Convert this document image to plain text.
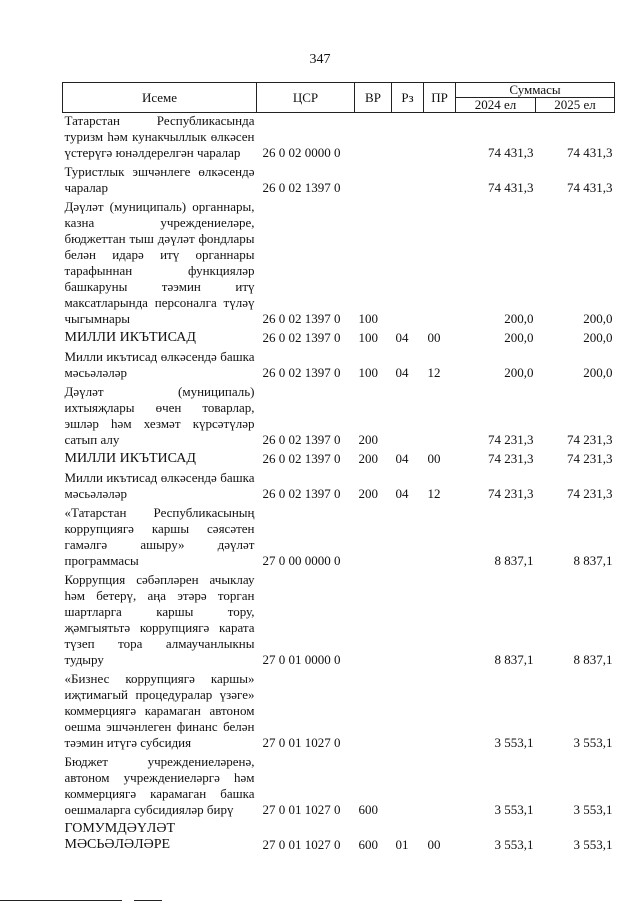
347
Исеме	ЦСР	ВР	Рз	ПР	Суммасы	
					2024 ел	2025 ел
Татарстан Республикасында туризм һәм кунакчыллык өлкәсен үстерүгә юнәлдерелгән чаралар	26 0 02 0000 0				74 431,3	74 431,3
Туристлык эшчәнлеге өлкәсендә чаралар	26 0 02 1397 0				74 431,3	74 431,3
Дәүләт (муниципаль) органнары, казна учреждениеләре, бюджеттан тыш дәүләт фондлары белән идарә итү органнары тарафыннан функцияләр башкаруны тәэмин итү максатларында персоналга түләү чыгымнары	26 0 02 1397 0	100			200,0	200,0
МИЛЛИ ИКЪТИСАД	26 0 02 1397 0	100	04	00	200,0	200,0
Милли икътисад өлкәсендә башка мәсьәләләр	26 0 02 1397 0	100	04	12	200,0	200,0
Дәүләт (муниципаль) ихтыяҗлары өчен товарлар, эшләр һәм хезмәт күрсәтүләр сатып алу	26 0 02 1397 0	200			74 231,3	74 231,3
МИЛЛИ ИКЪТИСАД	26 0 02 1397 0	200	04	00	74 231,3	74 231,3
Милли икътисад өлкәсендә башка мәсьәләләр	26 0 02 1397 0	200	04	12	74 231,3	74 231,3
«Татарстан Республикасының коррупциягә каршы сәясәтен гамәлгә ашыру» дәүләт программасы	27 0 00 0000 0				8 837,1	8 837,1
Коррупция сәбәпләрен ачыклау һәм бетерү, аңа этәрә торган шартларга каршы тору, җәмгыятьтә коррупциягә карата түзеп тора алмаучанлыкны тудыру	27 0 01 0000 0				8 837,1	8 837,1
«Бизнес коррупциягә каршы» иҗтимагый процедуралар үзәге» коммерциягә карамаган автоном оешма эшчәнлеген финанс белән тәэмин итүгә субсидия	27 0 01 1027 0				3 553,1	3 553,1
Бюджет учреждениеләренә, автоном учреждениеләргә һәм коммерциягә карамаган башка оешмаларга субсидияләр бирү	27 0 01 1027 0	600			3 553,1	3 553,1
ГОМУМДӘҮЛӘТ МӘСЬӘЛӘЛӘРЕ	27 0 01 1027 0	600	01	00	3 553,1	3 553,1
